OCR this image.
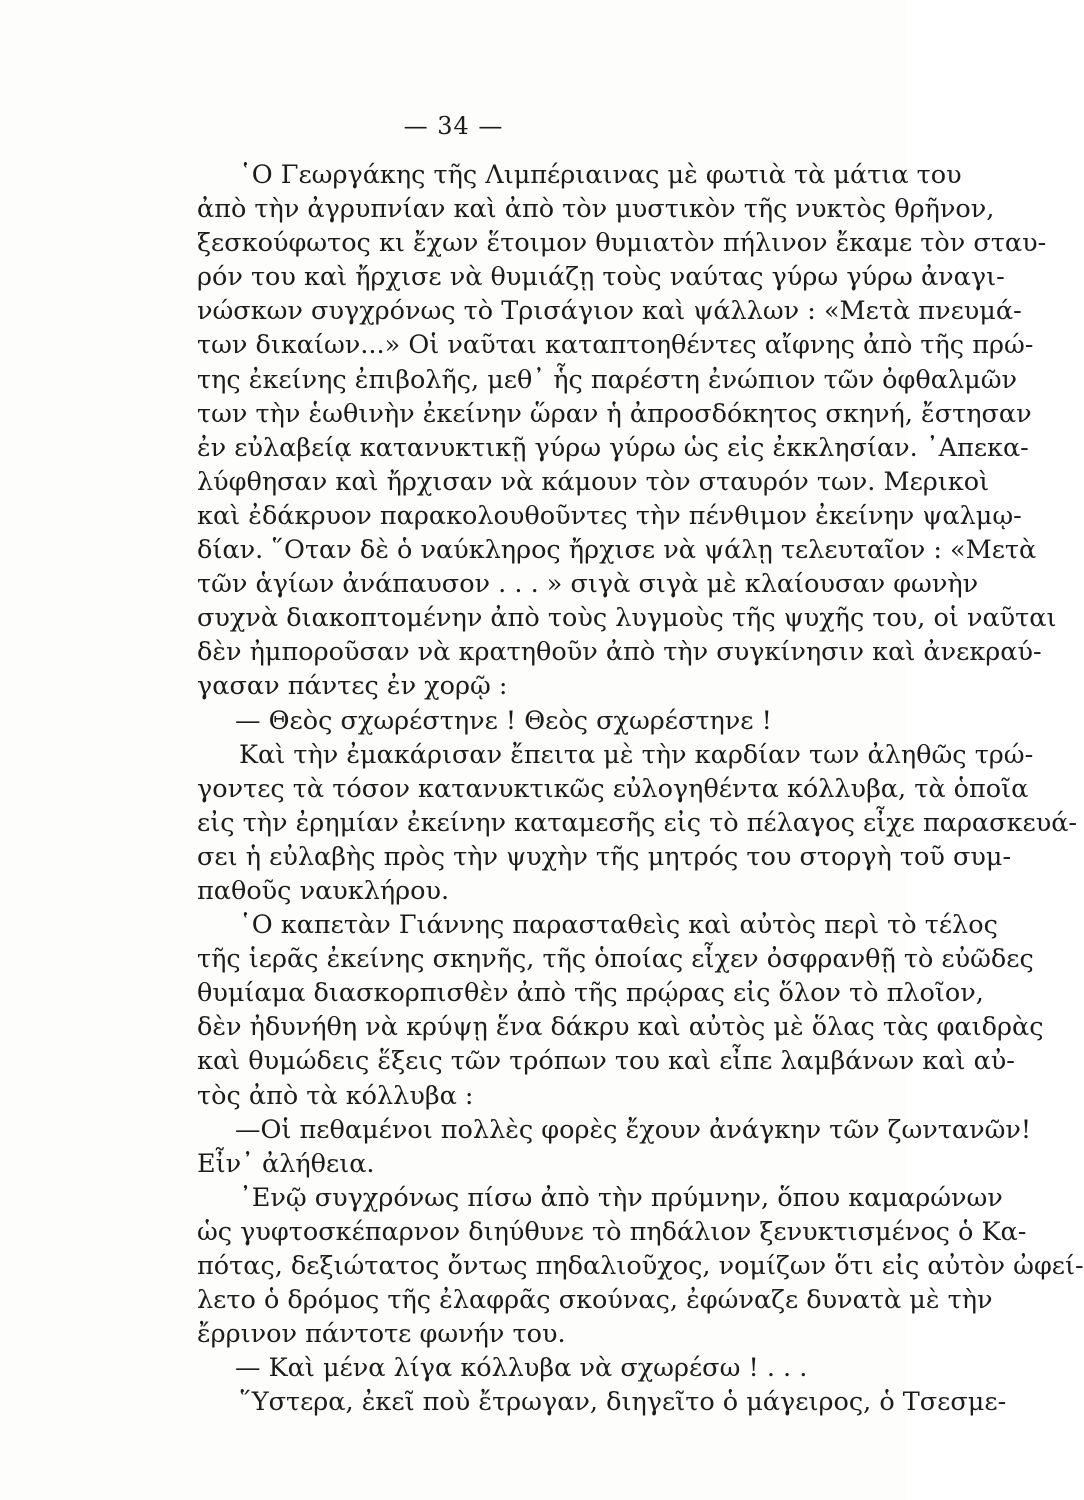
— 34 —
῾Ο Γεωργάκης τῆς Λιμπέριαινας μὲ φωτιὰ τὰ μάτια του
ἀπὸ τὴν ἀγρυπνίαν καὶ ἀπὸ τὸν μυστικὸν τῆς νυκτὸς θρῆνον,
ξεσκούφωτος κι ἔχων ἕτοιμον θυμιατὸν πήλινον ἔκαμε τὸν σταυ-
ρόν του καὶ ἤρχισε νὰ θυμιάζῃ τοὺς ναύτας γύρω γύρω ἀναγι-
νώσκων συγχρόνως τὸ Τρισάγιον καὶ ψάλλων : «Μετὰ πνευμά-
των δικαίων...» Οἱ ναῦται καταπτοηθέντες αἴφνης ἀπὸ τῆς πρώ-
της ἐκείνης ἐπιβολῆς, μεθ᾽ ἧς παρέστη ἐνώπιον τῶν ὀφθαλμῶν
των τὴν ἑωθινὴν ἐκείνην ὥραν ἡ ἀπροσδόκητος σκηνή, ἔστησαν
ἐν εὐλαβείᾳ κατανυκτικῇ γύρω γύρω ὡς εἰς ἐκκλησίαν. ᾿Απεκα-
λύφθησαν καὶ ἤρχισαν νὰ κάμουν τὸν σταυρόν των. Μερικοὶ
καὶ ἐδάκρυον παρακολουθοῦντες τὴν πένθιμον ἐκείνην ψαλμῳ-
δίαν. ῞Οταν δὲ ὁ ναύκληρος ἤρχισε νὰ ψάλῃ τελευταῖον : «Μετὰ
τῶν ἁγίων ἀνάπαυσον . . . » σιγὰ σιγὰ μὲ κλαίουσαν φωνὴν
συχνὰ διακοπτομένην ἀπὸ τοὺς λυγμοὺς τῆς ψυχῆς του, οἱ ναῦται
δὲν ἠμποροῦσαν νὰ κρατηθοῦν ἀπὸ τὴν συγκίνησιν καὶ ἀνεκραύ-
γασαν πάντες ἐν χορῷ :
— Θεὸς σχωρέστηνε ! Θεὸς σχωρέστηνε !
Καὶ τὴν ἐμακάρισαν ἔπειτα μὲ τὴν καρδίαν των ἀληθῶς τρώ-
γοντες τὰ τόσον κατανυκτικῶς εὐλογηθέντα κόλλυβα, τὰ ὁποῖα
εἰς τὴν ἐρημίαν ἐκείνην καταμεσῆς εἰς τὸ πέλαγος εἶχε παρασκευά-
σει ἡ εὐλαβὴς πρὸς τὴν ψυχὴν τῆς μητρός του στοργὴ τοῦ συμ-
παθοῦς ναυκλήρου.
῾Ο καπετὰν Γιάννης παρασταθεὶς καὶ αὐτὸς περὶ τὸ τέλος
τῆς ἱερᾶς ἐκείνης σκηνῆς, τῆς ὁποίας εἶχεν ὀσφρανθῇ τὸ εὐῶδες
θυμίαμα διασκορπισθὲν ἀπὸ τῆς πρῴρας εἰς ὅλον τὸ πλοῖον,
δὲν ἠδυνήθη νὰ κρύψῃ ἕνα δάκρυ καὶ αὐτὸς μὲ ὅλας τὰς φαιδρὰς
καὶ θυμώδεις ἕξεις τῶν τρόπων του καὶ εἶπε λαμβάνων καὶ αὐ-
τὸς ἀπὸ τὰ κόλλυβα :
—Οἱ πεθαμένοι πολλὲς φορὲς ἔχουν ἀνάγκην τῶν ζωντανῶν!
Εἶν᾽ ἀλήθεια.
᾿Ενῷ συγχρόνως πίσω ἀπὸ τὴν πρύμνην, ὅπου καμαρώνων
ὡς γυφτοσκέπαρνον διηύθυνε τὸ πηδάλιον ξενυκτισμένος ὁ Κα-
πότας, δεξιώτατος ὄντως πηδαλιοῦχος, νομίζων ὅτι εἰς αὐτὸν ὠφεί-
λετο ὁ δρόμος τῆς ἐλαφρᾶς σκούνας, ἐφώναζε δυνατὰ μὲ τὴν
ἔρρινον πάντοτε φωνήν του.
— Καὶ μένα λίγα κόλλυβα νὰ σχωρέσω ! . . .
῞Υστερα, ἐκεῖ ποὺ ἔτρωγαν, διηγεῖτο ὁ μάγειρος, ὁ Τσεσμε-
